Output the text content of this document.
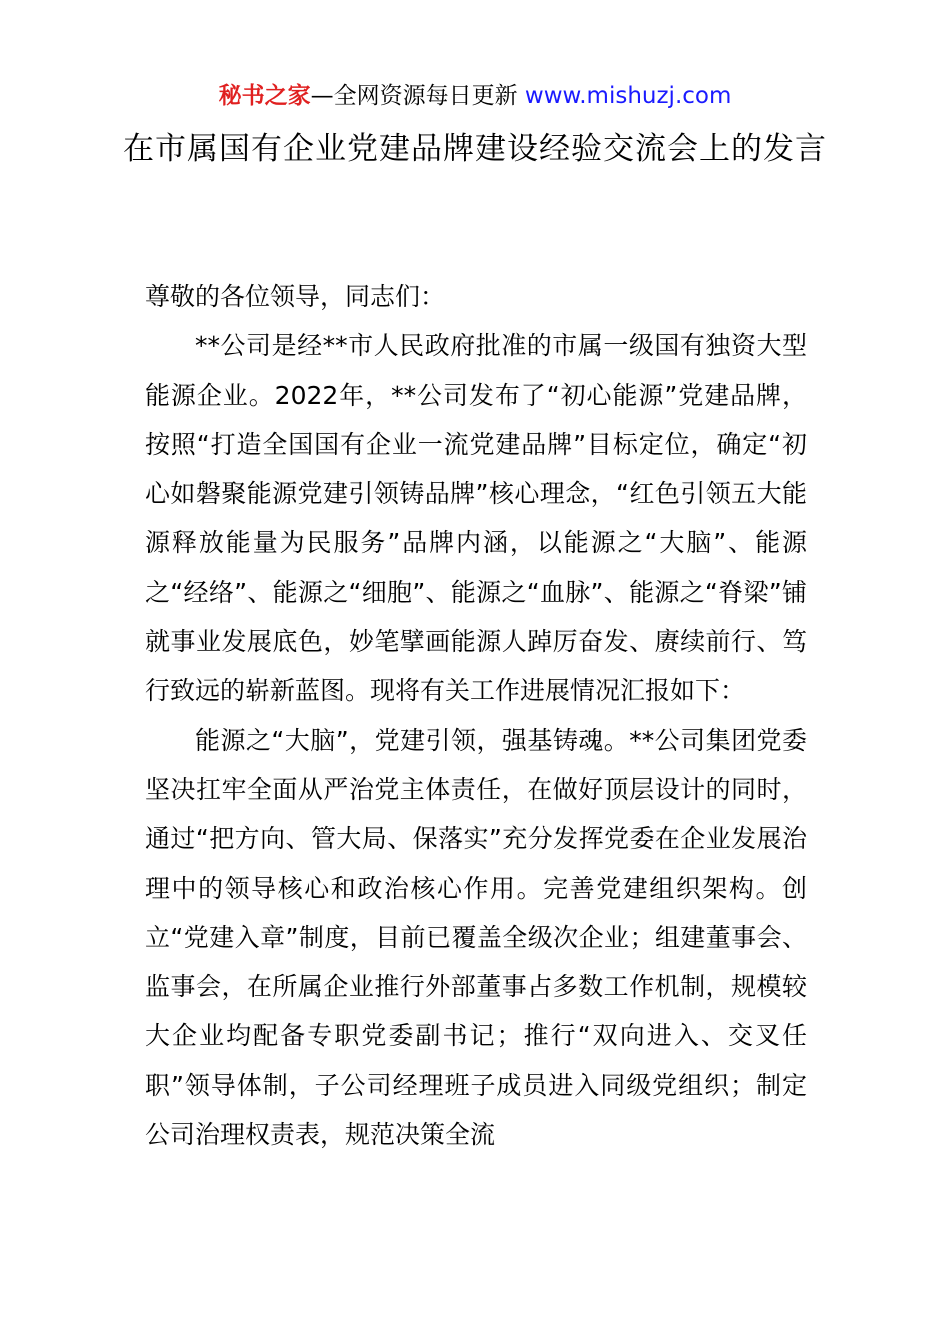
秘书之家—全网资源每日更新 www.mishuzj.com
在市属国有企业党建品牌建设经验交流会上的发言

尊敬的各位领导，同志们：

**公司是经**市人民政府批准的市属一级国有独资大型能源企业。2022年，**公司发布了“初心能源”党建品牌，按照“打造全国国有企业一流党建品牌”目标定位，确定“初心如磐聚能源党建引领铸品牌”核心理念，“红色引领五大能源释放能量为民服务”品牌内涵，以能源之“大脑”、能源之“经络”、能源之“细胞”、能源之“血脉”、能源之“脊梁”铺就事业发展底色，妙笔擘画能源人踔厉奋发、赓续前行、笃行致远的崭新蓝图。现将有关工作进展情况汇报如下：

能源之“大脑”，党建引领，强基铸魂。**公司集团党委坚决扛牢全面从严治党主体责任，在做好顶层设计的同时，通过“把方向、管大局、保落实”充分发挥党委在企业发展治理中的领导核心和政治核心作用。完善党建组织架构。创立“党建入章”制度，目前已覆盖全级次企业；组建董事会、监事会，在所属企业推行外部董事占多数工作机制，规模较大企业均配备专职党委副书记；推行“双向进入、交叉任职”领导体制，子公司经理班子成员进入同级党组织；制定公司治理权责表，规范决策全流
